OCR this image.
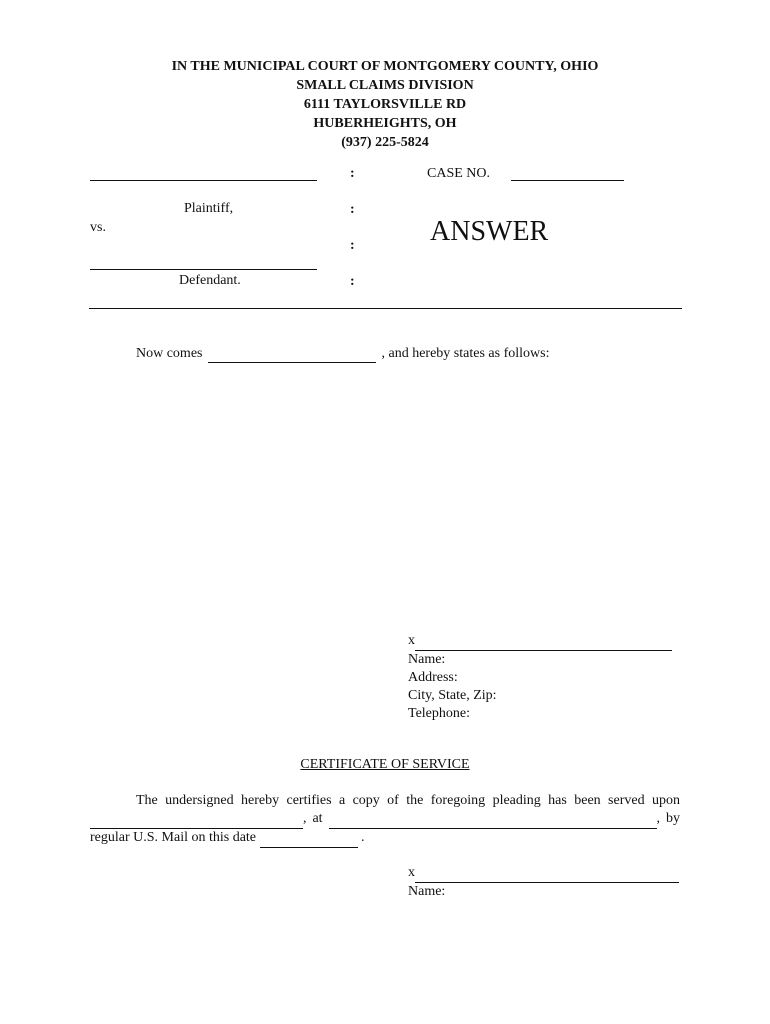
IN THE MUNICIPAL COURT OF MONTGOMERY COUNTY, OHIO
SMALL CLAIMS DIVISION
6111 TAYLORSVILLE RD
HUBERHEIGHTS, OH
(937) 225-5824
:	CASE NO.
Plaintiff,	:
vs.	ANSWER
:
Defendant.	:
Now comes	, and hereby states as follows:
x
Name:
Address:
City, State, Zip:
Telephone:
CERTIFICATE OF SERVICE
The undersigned hereby certifies a copy of the foregoing pleading has been served upon  , at	, by regular U.S. Mail on this date	.
x
Name:
